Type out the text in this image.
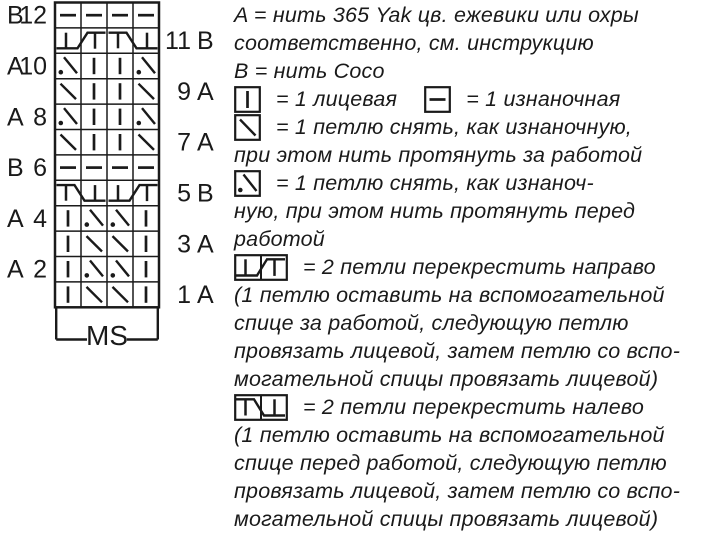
B
12
11 B
A
10
9 A
A 8
7 A
B 6
5 B
A 4
3 A
A 2
1 A
MS
A = нить 365 Yak цв. ежевики или охры
соответственно, см. инструкцию
B = нить Coco
= 1 лицевая	= 1 изнаночная
= 1 петлю снять, как изнаночную,
при этом нить протянуть за работой
= 1 петлю снять, как изнаноч-
ную, при этом нить протянуть перед
работой
= 2 петли перекрестить направо
(1 петлю оставить на вспомогательной
спице за работой, следующую петлю
провязать лицевой, затем петлю со вспо-
могательной спицы провязать лицевой)
= 2 петли перекрестить налево
(1 петлю оставить на вспомогательной
спице перед работой, следующую петлю
провязать лицевой, затем петлю со вспо-
могательной спицы провязать лицевой)
